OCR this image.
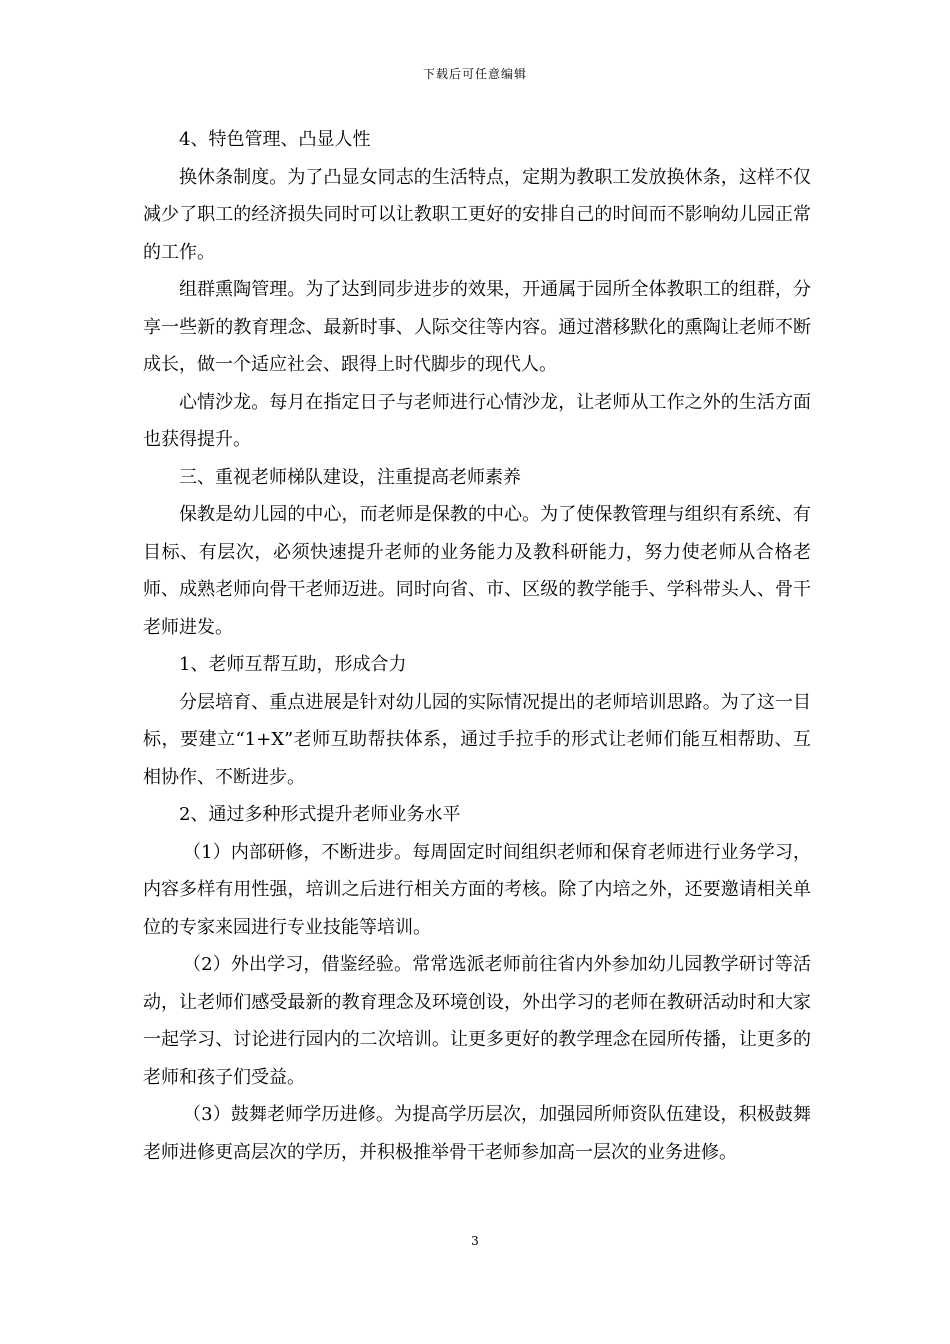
下载后可任意编辑

4、特色管理、凸显人性

换休条制度。为了凸显女同志的生活特点，定期为教职工发放换休条，这样不仅减少了职工的经济损失同时可以让教职工更好的安排自己的时间而不影响幼儿园正常的工作。

组群熏陶管理。为了达到同步进步的效果，开通属于园所全体教职工的组群，分享一些新的教育理念、最新时事、人际交往等内容。通过潜移默化的熏陶让老师不断成长，做一个适应社会、跟得上时代脚步的现代人。

心情沙龙。每月在指定日子与老师进行心情沙龙，让老师从工作之外的生活方面也获得提升。

三、重视老师梯队建设，注重提高老师素养

保教是幼儿园的中心，而老师是保教的中心。为了使保教管理与组织有系统、有目标、有层次，必须快速提升老师的业务能力及教科研能力，努力使老师从合格老师、成熟老师向骨干老师迈进。同时向省、市、区级的教学能手、学科带头人、骨干老师进发。

1、老师互帮互助，形成合力

分层培育、重点进展是针对幼儿园的实际情况提出的老师培训思路。为了这一目标，要建立“1+X”老师互助帮扶体系，通过手拉手的形式让老师们能互相帮助、互相协作、不断进步。

2、通过多种形式提升老师业务水平

（1）内部研修，不断进步。每周固定时间组织老师和保育老师进行业务学习，内容多样有用性强，培训之后进行相关方面的考核。除了内培之外，还要邀请相关单位的专家来园进行专业技能等培训。

（2）外出学习，借鉴经验。常常选派老师前往省内外参加幼儿园教学研讨等活动，让老师们感受最新的教育理念及环境创设，外出学习的老师在教研活动时和大家一起学习、讨论进行园内的二次培训。让更多更好的教学理念在园所传播，让更多的老师和孩子们受益。

（3）鼓舞老师学历进修。为提高学历层次，加强园所师资队伍建设，积极鼓舞老师进修更高层次的学历，并积极推举骨干老师参加高一层次的业务进修。

3
